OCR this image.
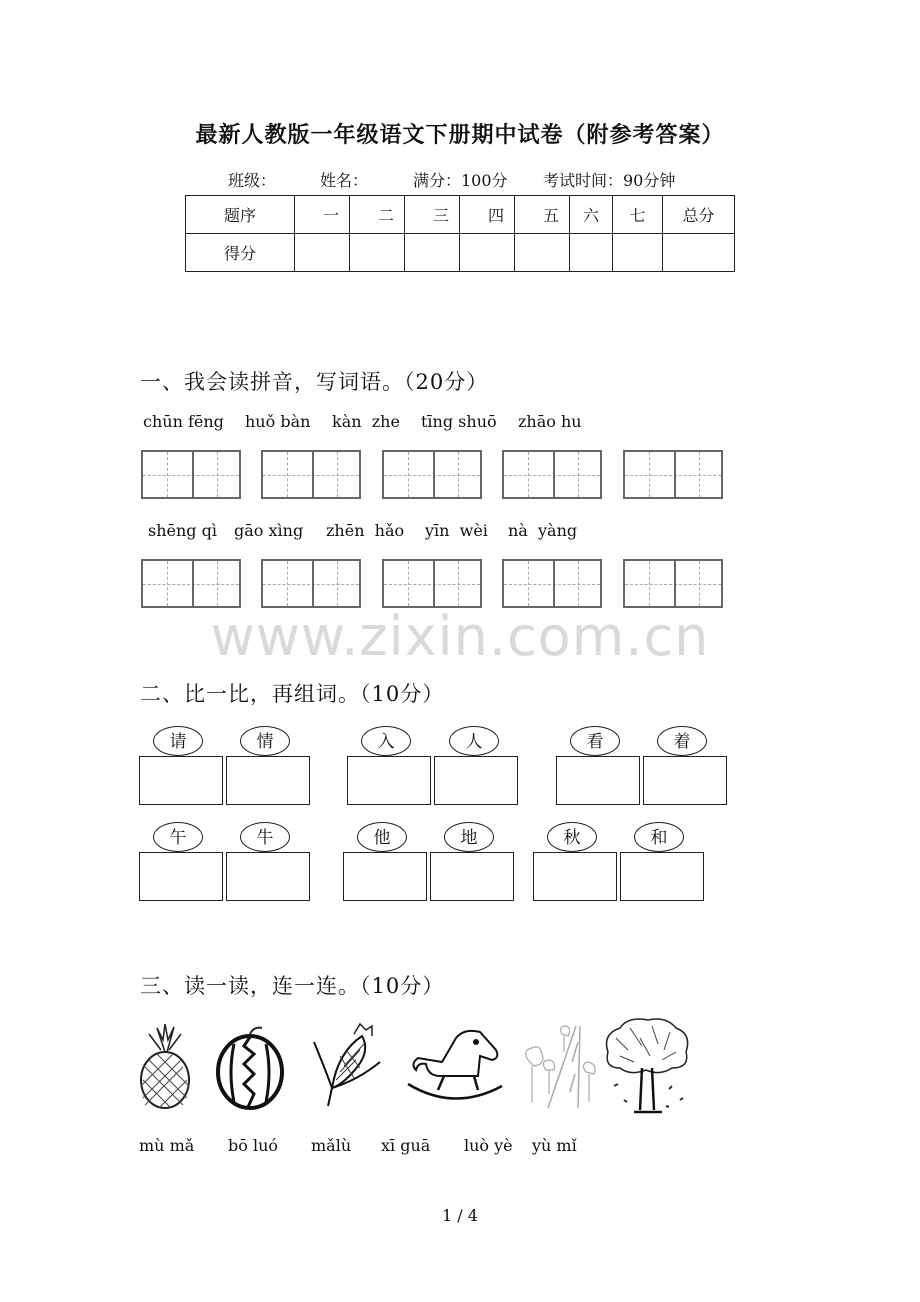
最新人教版一年级语文下册期中试卷（附参考答案）
班级：	姓名：	满分：100分 考试时间：90分钟
题序	一	二	三	四	五	六	七	总分
得分								
一、我会读拼音，写词语。（20分）
chūn fēng huǒ bàn kàn  zhe tīng shuō zhāo hu
shēng qì gāo xìng zhēn  hǎo yīn  wèi nà  yàng
www.zixin.com.cn
二、比一比，再组词。（10分）
请	情	入	人	看	着
午	牛	他	地	秋	和
三、读一读，连一连。（10分）
mù mǎ bō luó mǎlù xī guā luò yè yù mǐ
1 / 4
